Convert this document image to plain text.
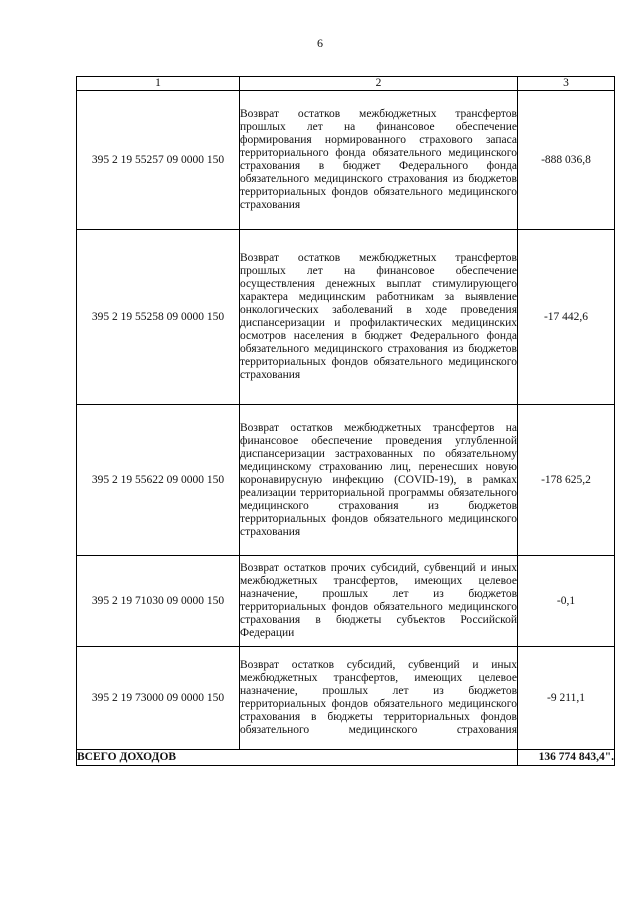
6
1	2	3
395 2 19 55257 09 0000 150	Возврат остатков межбюджетных трансфертов прошлых лет на финансовое обеспечение формирования нормированного страхового запаса территориального фонда обязательного медицинского страхования в бюджет Федерального фонда обязательного медицинского страхования из бюджетов территориальных фондов обязательного медицинского страхования	-888 036,8
395 2 19 55258 09 0000 150	Возврат остатков межбюджетных трансфертов прошлых лет на финансовое обеспечение осуществления денежных выплат стимулирующего характера медицинским работникам за выявление онкологических заболеваний в ходе проведения диспансеризации и профилактических медицинских осмотров населения в бюджет Федерального фонда обязательного медицинского страхования из бюджетов территориальных фондов обязательного медицинского страхования	-17 442,6
395 2 19 55622 09 0000 150	Возврат остатков межбюджетных трансфертов на финансовое обеспечение проведения углубленной диспансеризации застрахованных по обязательному медицинскому страхованию лиц, перенесших новую коронавирусную инфекцию (COVID-19), в рамках реализации территориальной программы обязательного медицинского страхования из бюджетов территориальных фондов обязательного медицинского страхования	-178 625,2
395 2 19 71030 09 0000 150	Возврат остатков прочих субсидий, субвенций и иных межбюджетных трансфертов, имеющих целевое назначение, прошлых лет из бюджетов территориальных фондов обязательного медицинского страхования в бюджеты субъектов Российской Федерации	-0,1
395 2 19 73000 09 0000 150	Возврат остатков субсидий, субвенций и иных межбюджетных трансфертов, имеющих целевое назначение, прошлых лет из бюджетов территориальных фондов обязательного медицинского страхования в бюджеты территориальных фондов обязательного медицинского страхования	-9 211,1
ВСЕГО ДОХОДОВ		136 774 843,4".
